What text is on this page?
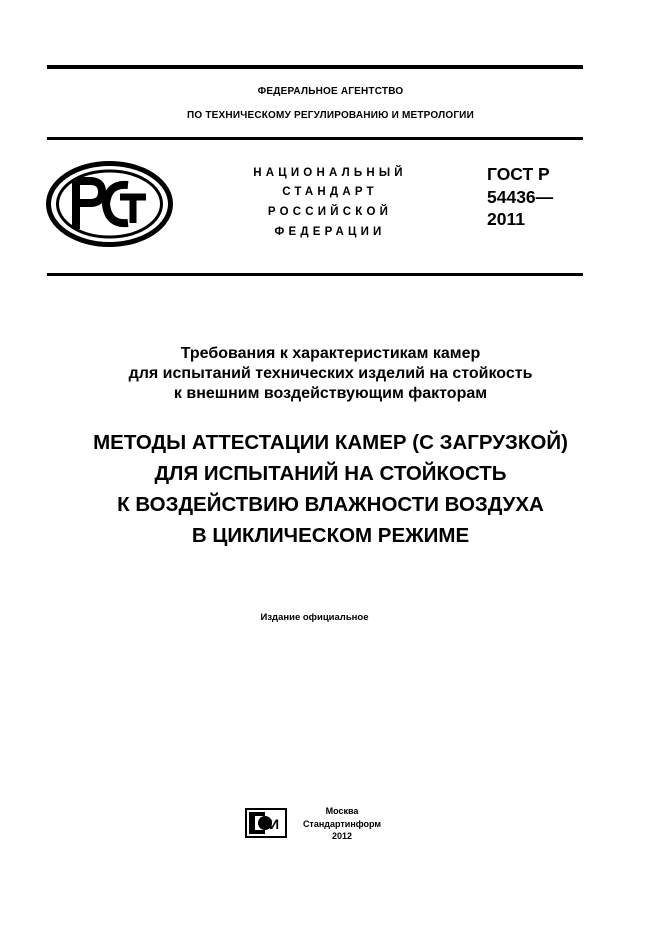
ФЕДЕРАЛЬНОЕ АГЕНТСТВО
ПО ТЕХНИЧЕСКОМУ РЕГУЛИРОВАНИЮ И МЕТРОЛОГИИ
НАЦИОНАЛЬНЫЙ
СТАНДАРТ
РОССИЙСКОЙ
ФЕДЕРАЦИИ
ГОСТ Р
54436—
2011
Требования к характеристикам камер
для испытаний технических изделий на стойкость
к внешним воздействующим факторам
МЕТОДЫ АТТЕСТАЦИИ КАМЕР (С ЗАГРУЗКОЙ)
ДЛЯ ИСПЫТАНИЙ НА СТОЙКОСТЬ
К ВОЗДЕЙСТВИЮ ВЛАЖНОСТИ ВОЗДУХА
В ЦИКЛИЧЕСКОМ РЕЖИМЕ
Издание официальное
И
Москва
Стандартинформ
2012
